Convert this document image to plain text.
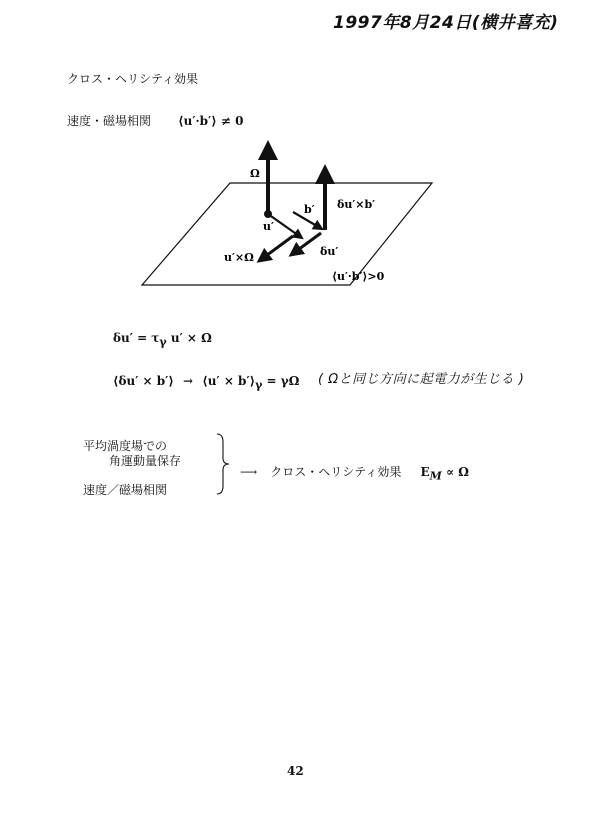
1997年8月24日(横井喜充)
クロス・ヘリシティ効果
速度・磁場相関 ⟨u′·b′⟩ ≠ 0
Ω
δu′×b′
b′
u′
u′×Ω	δu′
⟨u′·b′⟩>0
$\delta u' = \tau_\gamma$ u′ × Ω
⟨δu′ × b′⟩ → ⟨u′ × $b'⟩_\gamma = \gamma\Omega$ ( Ωと同じ方向に起電力が生じる )
平均渦度場での
角運動量保存
速度／磁場相関
⟶ クロス・ヘリシティ効果 $E_M \propto \Omega$
42
